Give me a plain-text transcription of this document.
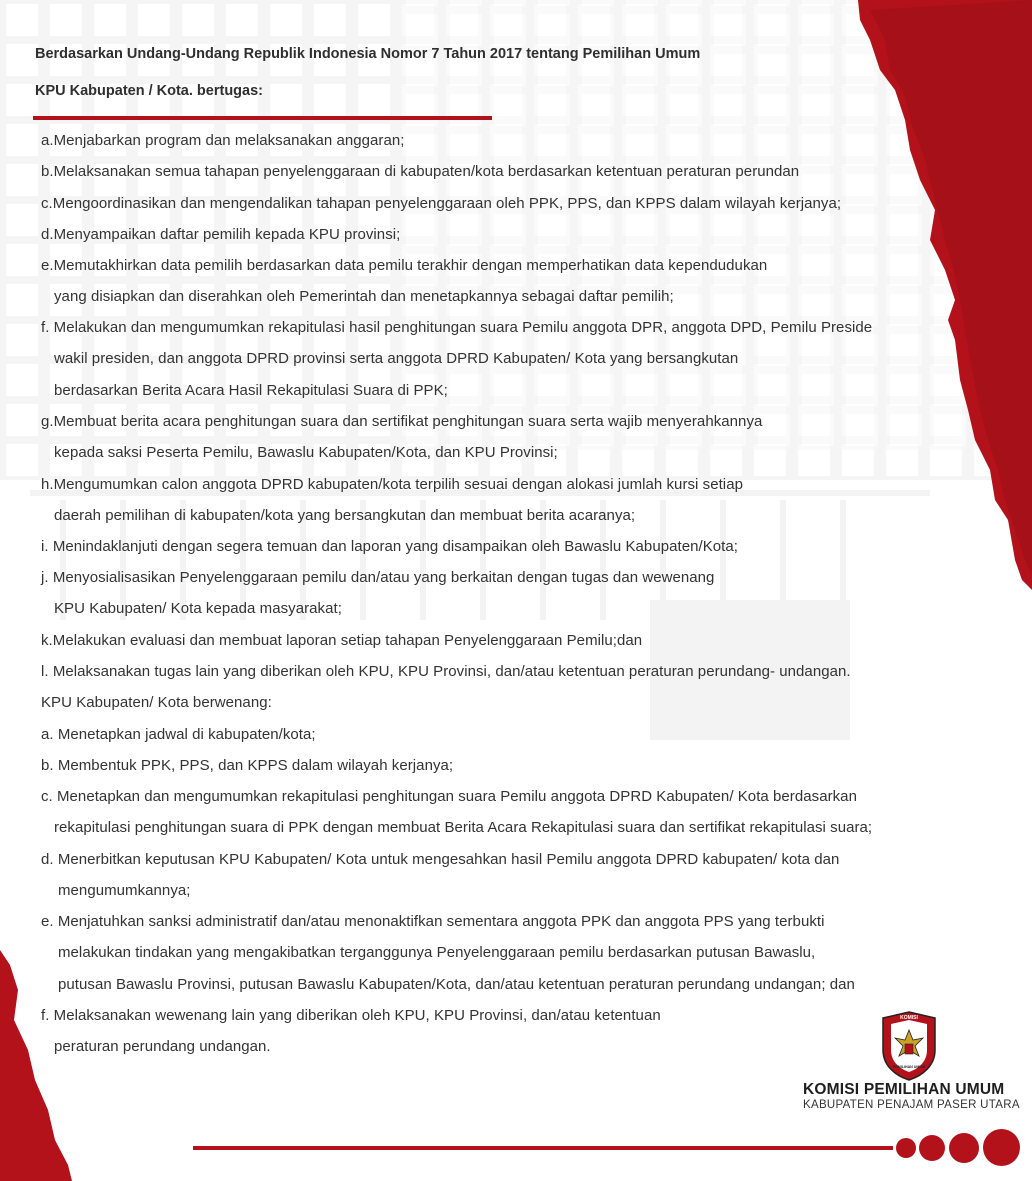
Berdasarkan Undang-Undang Republik Indonesia Nomor 7 Tahun 2017 tentang Pemilihan Umum
KPU Kabupaten / Kota. bertugas:
a.Menjabarkan program dan melaksanakan anggaran;
b.Melaksanakan semua tahapan penyelenggaraan di kabupaten/kota berdasarkan ketentuan peraturan perundan
c.Mengoordinasikan dan mengendalikan tahapan penyelenggaraan oleh PPK, PPS, dan KPPS dalam wilayah kerjanya;
d.Menyampaikan daftar pemilih kepada KPU provinsi;
e.Memutakhirkan data pemilih berdasarkan data pemilu terakhir dengan memperhatikan data kependudukan
yang disiapkan dan diserahkan oleh Pemerintah dan menetapkannya sebagai daftar pemilih;
f. Melakukan dan mengumumkan rekapitulasi hasil penghitungan suara Pemilu anggota DPR, anggota DPD, Pemilu Preside
wakil presiden, dan anggota DPRD provinsi serta anggota DPRD Kabupaten/ Kota yang bersangkutan
berdasarkan Berita Acara Hasil Rekapitulasi Suara di PPK;
g.Membuat berita acara penghitungan suara dan sertifikat penghitungan suara serta wajib menyerahkannya
kepada saksi Peserta Pemilu, Bawaslu Kabupaten/Kota, dan KPU Provinsi;
h.Mengumumkan calon anggota DPRD kabupaten/kota terpilih sesuai dengan alokasi jumlah kursi setiap
daerah pemilihan di kabupaten/kota yang bersangkutan dan membuat berita acaranya;
i. Menindaklanjuti dengan segera temuan dan laporan yang disampaikan oleh Bawaslu Kabupaten/Kota;
j. Menyosialisasikan Penyelenggaraan pemilu dan/atau yang berkaitan dengan tugas dan wewenang
KPU Kabupaten/ Kota kepada masyarakat;
k.Melakukan evaluasi dan membuat laporan setiap tahapan Penyelenggaraan Pemilu;dan
l. Melaksanakan tugas lain yang diberikan oleh KPU, KPU Provinsi, dan/atau ketentuan peraturan perundang- undangan.
KPU Kabupaten/ Kota berwenang:
a. Menetapkan jadwal di kabupaten/kota;
b. Membentuk PPK, PPS, dan KPPS dalam wilayah kerjanya;
c. Menetapkan dan mengumumkan rekapitulasi penghitungan suara Pemilu anggota DPRD Kabupaten/ Kota berdasarkan
rekapitulasi penghitungan suara di PPK dengan membuat Berita Acara Rekapitulasi suara dan sertifikat rekapitulasi suara;
d. Menerbitkan keputusan KPU Kabupaten/ Kota untuk mengesahkan hasil Pemilu anggota DPRD kabupaten/ kota dan
mengumumkannya;
e. Menjatuhkan sanksi administratif dan/atau menonaktifkan sementara anggota PPK dan anggota PPS yang terbukti
melakukan tindakan yang mengakibatkan terganggunya Penyelenggaraan pemilu berdasarkan putusan Bawaslu,
putusan Bawaslu Provinsi, putusan Bawaslu Kabupaten/Kota, dan/atau ketentuan peraturan perundang undangan; dan
f. Melaksanakan wewenang lain yang diberikan oleh KPU, KPU Provinsi, dan/atau ketentuan
peraturan perundang undangan.
KOMISI
PEMILIHAN UMUM
KOMISI PEMILIHAN UMUM
KABUPATEN PENAJAM PASER UTARA
